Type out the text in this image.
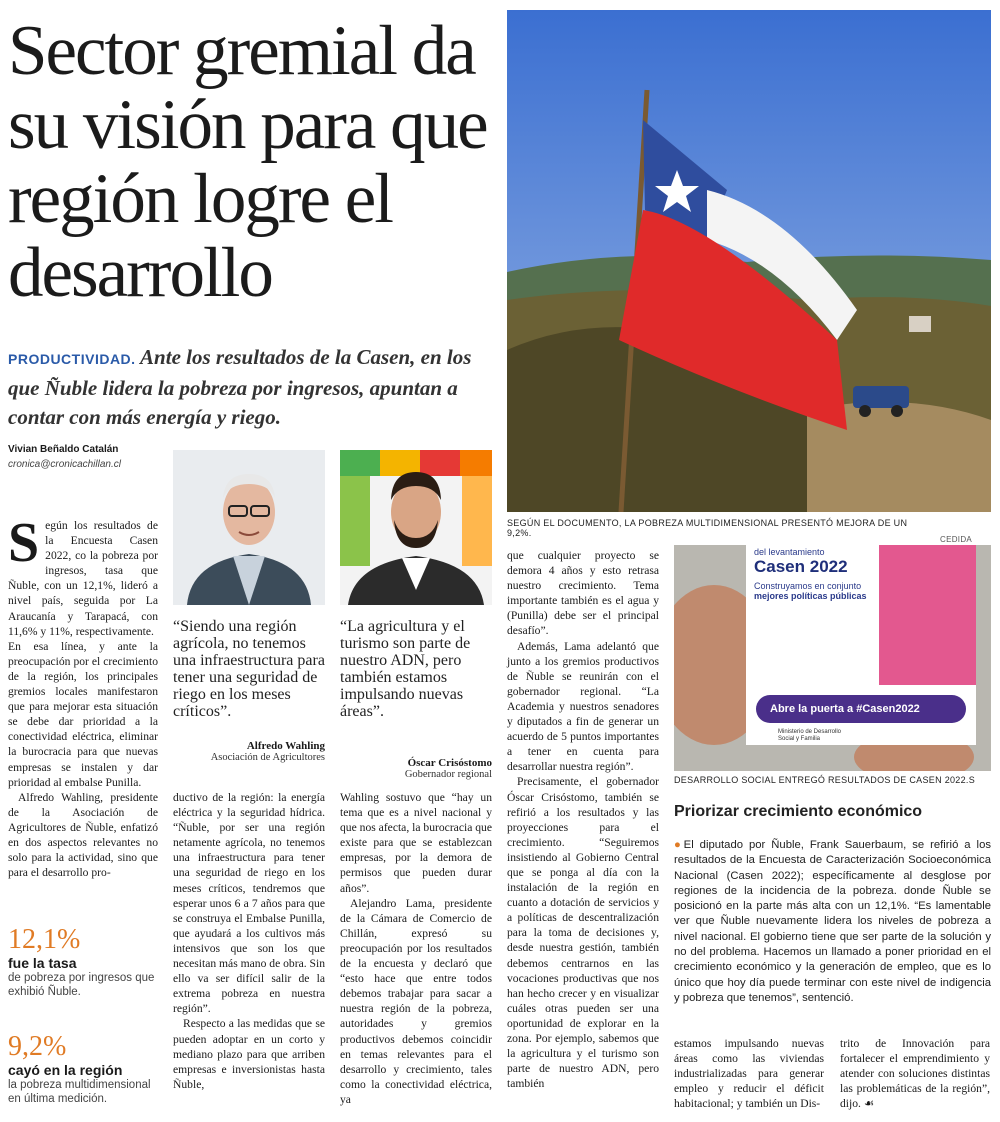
Sector gremial da su visión para que región logre el desarrollo

PRODUCTIVIDAD. Ante los resultados de la Casen, en los que Ñuble lidera la pobreza por ingresos, apuntan a contar con más energía y riego.

Vivian Beñaldo Catalán
cronica@cronicachillan.cl

Según los resultados de la Encuesta Casen 2022, co la pobreza por ingresos, tasa que Ñuble, con un 12,1%, lideró a nivel país, seguida por La Araucanía y Tarapacá, con 11,6% y 11%, respectivamente.

En esa línea, y ante la preocupación por el crecimiento de la región, los principales gremios locales manifestaron que para mejorar esta situación se debe dar prioridad a la conectividad eléctrica, eliminar la burocracia para que nuevas empresas se instalen y dar prioridad al embalse Punilla.

Alfredo Wahling, presidente de la Asociación de Agricultores de Ñuble, enfatizó en dos aspectos relevantes no solo para la actividad, sino que para el desarrollo pro-

12,1%
fue la tasa
de pobreza por ingresos que exhibió Ñuble.
9,2%
cayó en la región
la pobreza multidimensional en última medición.
“Siendo una región agrícola, no tenemos una infraestructura para tener una seguridad de riego en los meses críticos”.
Alfredo Wahling
Asociación de Agricultores
“La agricultura y el turismo son parte de nuestro ADN, pero también estamos impulsando nuevas áreas”.
Óscar Crisóstomo
Gobernador regional

ductivo de la región: la energía eléctrica y la seguridad hídrica. “Ñuble, por ser una región netamente agrícola, no tenemos una infraestructura para tener una seguridad de riego en los meses críticos, tendremos que esperar unos 6 a 7 años para que se construya el Embalse Punilla, que ayudará a los cultivos más intensivos que son los que necesitan más mano de obra. Sin ello va ser difícil salir de la extrema pobreza en nuestra región”.

Respecto a las medidas que se pueden adoptar en un corto y mediano plazo para que arriben empresas e inversionistas hasta Ñuble,

Wahling sostuvo que “hay un tema que es a nivel nacional y que nos afecta, la burocracia que existe para que se establezcan empresas, por la demora de permisos que pueden durar años”.

Alejandro Lama, presidente de la Cámara de Comercio de Chillán, expresó su preocupación por los resultados de la encuesta y declaró que “esto hace que entre todos debemos trabajar para sacar a nuestra región de la pobreza, autoridades y gremios productivos debemos coincidir en temas relevantes para el desarrollo y crecimiento, tales como la conectividad eléctrica, ya

que cualquier proyecto se demora 4 años y esto retrasa nuestro crecimiento. Tema importante también es el agua y (Punilla) debe ser el principal desafío”.

Además, Lama adelantó que junto a los gremios productivos de Ñuble se reunirán con el gobernador regional. “La Academia y nuestros senadores y diputados a fin de generar un acuerdo de 5 puntos importantes a tener en cuenta para desarrollar nuestra región”.

Precisamente, el gobernador Óscar Crisóstomo, también se refirió a los resultados y las proyecciones para el crecimiento. “Seguiremos insistiendo al Gobierno Central que se ponga al día con la instalación de la región en cuanto a dotación de servicios y a políticas de descentralización para la toma de decisiones y, desde nuestra gestión, también debemos centrarnos en las vocaciones productivas que nos han hecho crecer y en visualizar cuáles otras pueden ser una oportunidad de explorar en la zona. Por ejemplo, sabemos que la agricultura y el turismo son parte de nuestro ADN, pero también

SEGÚN EL DOCUMENTO, LA POBREZA MULTIDIMENSIONAL PRESENTÓ MEJORA DE UN 9,2%.
CEDIDA
del levantamiento
Casen 2022
Construyamos en conjunto mejores políticas públicas
Abre la puerta a #Casen2022
Ministerio de Desarrollo Social y Familia
DESARROLLO SOCIAL ENTREGÓ RESULTADOS DE CASEN 2022.S
Priorizar crecimiento económico
●El diputado por Ñuble, Frank Sauerbaum, se refirió a los resultados de la Encuesta de Caracterización Socioeconómica Nacional (Casen 2022); específicamente al desglose por regiones de la incidencia de la pobreza. donde Ñuble se posicionó en la parte más alta con un 12,1%. “Es lamentable ver que Ñuble nuevamente lidera los niveles de pobreza a nivel nacional. El gobierno tiene que ser parte de la solución y no del problema. Hacemos un llamado a poner prioridad en el crecimiento económico y la generación de empleo, que es lo único que hoy día puede terminar con este nivel de indigencia y pobreza que tenemos”, sentenció.

estamos impulsando nuevas áreas como las viviendas industrializadas para generar empleo y reducir el déficit habitacional; y también un Dis-

trito de Innovación para fortalecer el emprendimiento y atender con soluciones distintas las problemáticas de la región”, dijo. ☙
